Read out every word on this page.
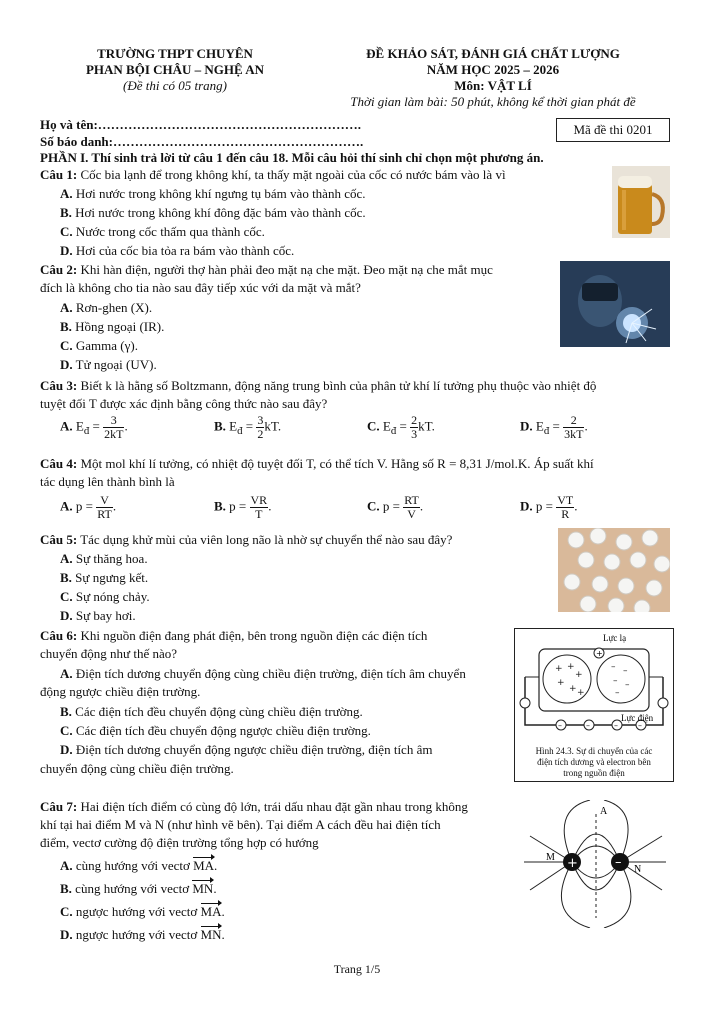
TRƯỜNG THPT CHUYÊN
PHAN BỘI CHÂU – NGHỆ AN
(Đề thi có 05 trang)
ĐỀ KHẢO SÁT, ĐÁNH GIÁ CHẤT LƯỢNG
NĂM HỌC 2025 – 2026
Môn: VẬT LÍ
Thời gian làm bài: 50 phút, không kể thời gian phát đề
Họ và tên:…………………………………………………….
Số báo danh:………………………………………………….
Mã đề thi 0201
PHẦN I. Thí sinh trả lời từ câu 1 đến câu 18. Mỗi câu hỏi thí sinh chỉ chọn một phương án.
Câu 1: Cốc bia lạnh để trong không khí, ta thấy mặt ngoài của cốc có nước bám vào là vì
A. Hơi nước trong không khí ngưng tụ bám vào thành cốc.
B. Hơi nước trong không khí đông đặc bám vào thành cốc.
C. Nước trong cốc thấm qua thành cốc.
D. Hơi của cốc bia tỏa ra bám vào thành cốc.
Câu 2: Khi hàn điện, người thợ hàn phải đeo mặt nạ che mặt. Đeo mặt nạ che mắt mục
đích là không cho tia nào sau đây tiếp xúc với da mặt và mắt?
A. Rơn-ghen (X).
B. Hồng ngoại (IR).
C. Gamma (γ).
D. Tử ngoại (UV).
Câu 3: Biết k là hằng số Boltzmann, động năng trung bình của phân tử khí lí tưởng phụ thuộc vào nhiệt độ
tuyệt đối T được xác định bằng công thức nào sau đây?
A. $E_đ = \frac{3}{2kT}$ .	B. $E_đ = \frac{3}{2}$ kT.	C. $E_đ = \frac{2}{3}$ kT.	D. $E_đ = \frac{2}{3kT}$ .
Câu 4: Một mol khí lí tưởng, có nhiệt độ tuyệt đối T, có thể tích V. Hằng số R = 8,31 J/mol.K. Áp suất khí
tác dụng lên thành bình là
A. $p = \frac{V}{RT}$ .	B. $p = \frac{VR}{T}$ .	C. $p = \frac{RT}{V}$ .	D. $p = \frac{VT}{R}$ .
Câu 5: Tác dụng khử mùi của viên long não là nhờ sự chuyển thể nào sau đây?
A. Sự thăng hoa.
B. Sự ngưng kết.
C. Sự nóng chảy.
D. Sự bay hơi.
Câu 6: Khi nguồn điện đang phát điện, bên trong nguồn điện các điện tích
chuyển động như thế nào?
A. Điện tích dương chuyển động cùng chiều điện trường, điện tích âm chuyển
động ngược chiều điện trường.
B. Các điện tích đều chuyển động cùng chiều điện trường.
C. Các điện tích đều chuyển động ngược chiều điện trường.
D. Điện tích dương chuyển động ngược chiều điện trường, điện tích âm
chuyển động cùng chiều điện trường.
+ +
+
+
+ +
– –
– –
–
+
–	–	–	–
Lực lạ
Lực điện
Hình 24.3. Sự di chuyển của các
điện tích dương và electron bên
trong nguồn điện
Câu 7: Hai điện tích điểm có cùng độ lớn, trái dấu nhau đặt gần nhau trong không
khí tại hai điểm M và N (như hình vẽ bên). Tại điểm A cách đều hai điện tích
điểm, vectơ cường độ điện trường tổng hợp có hướng
A. cùng hướng với vectơ MA.
B. cùng hướng với vectơ MN.
C. ngược hướng với vectơ MA.
D. ngược hướng với vectơ MN.
+	–
A
M
N
Trang 1/5
